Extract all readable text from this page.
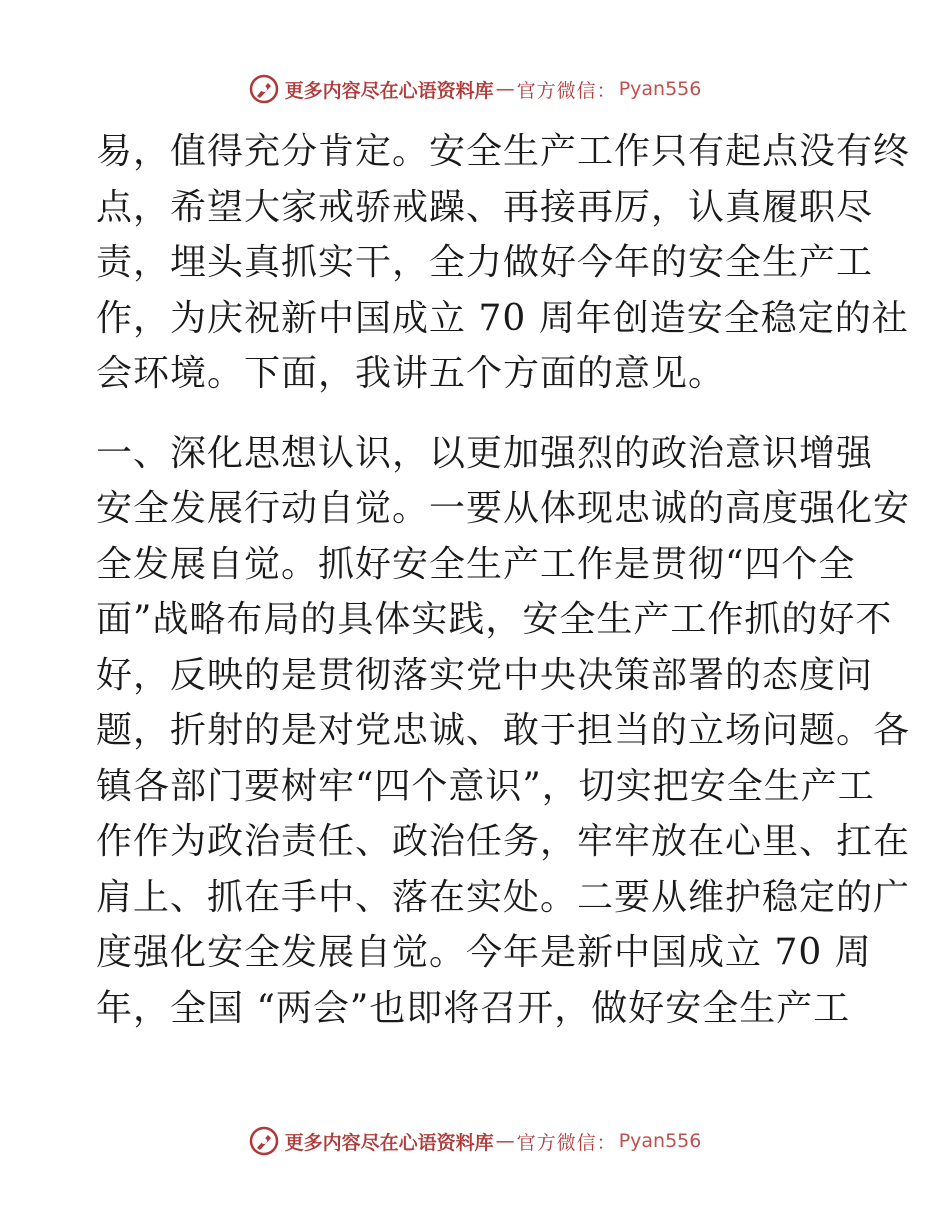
更多内容尽在心语资料库 — 官方微信： Pyan556
易，值得充分肯定。安全生产工作只有起点没有终
点，希望大家戒骄戒躁、再接再厉，认真履职尽
责，埋头真抓实干，全力做好今年的安全生产工
作，为庆祝新中国成立 70 周年创造安全稳定的社
会环境。下面，我讲五个方面的意见。
一、深化思想认识，以更加强烈的政治意识增强
安全发展行动自觉。一要从体现忠诚的高度强化安
全发展自觉。抓好安全生产工作是贯彻“四个全
面”战略布局的具体实践，安全生产工作抓的好不
好，反映的是贯彻落实党中央决策部署的态度问
题，折射的是对党忠诚、敢于担当的立场问题。各
镇各部门要树牢“四个意识”，切实把安全生产工
作作为政治责任、政治任务，牢牢放在心里、扛在
肩上、抓在手中、落在实处。二要从维护稳定的广
度强化安全发展自觉。今年是新中国成立 70 周
年，全国 “两会”也即将召开，做好安全生产工
更多内容尽在心语资料库 — 官方微信： Pyan556
